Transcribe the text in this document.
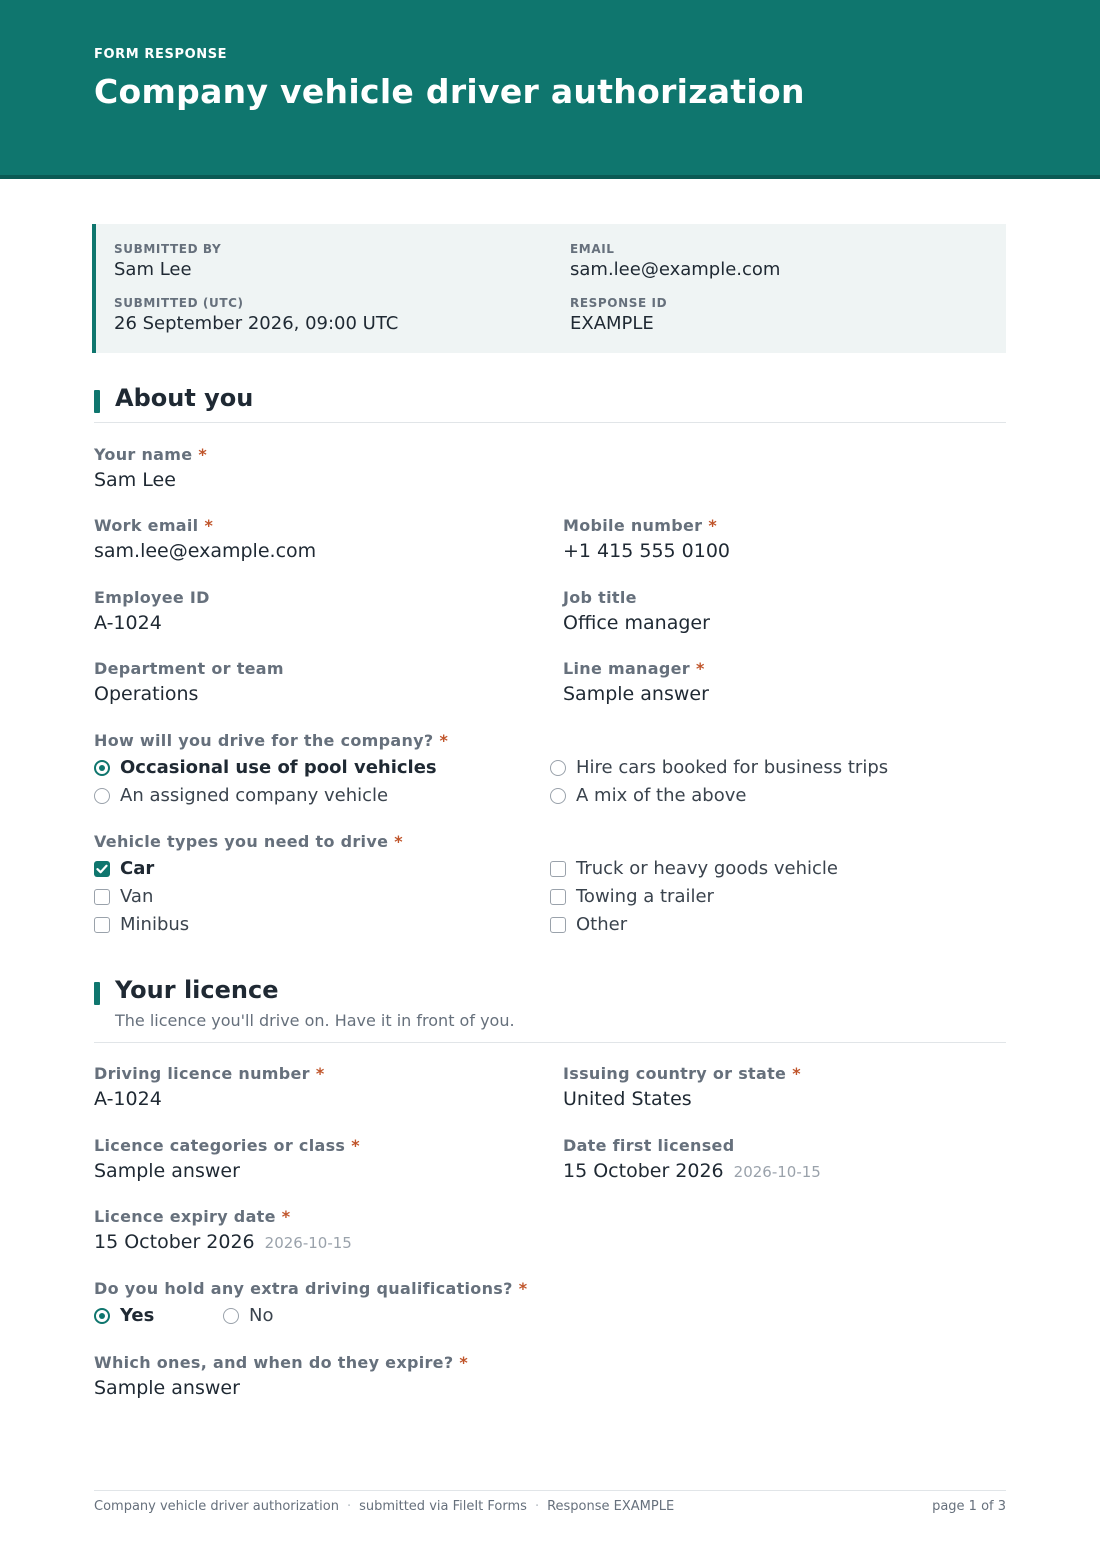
FORM RESPONSE
Company vehicle driver authorization
SUBMITTED BY
Sam Lee
EMAIL
sam.lee@example.com
SUBMITTED (UTC)
26 September 2026, 09:00 UTC
RESPONSE ID
EXAMPLE
About you
Your name *
Sam Lee
Work email *
sam.lee@example.com
Mobile number *
+1 415 555 0100
Employee ID
A-1024
Job title
Office manager
Department or team
Operations
Line manager *
Sample answer
How will you drive for the company? *
Occasional use of pool vehicles
An assigned company vehicle
Hire cars booked for business trips
A mix of the above
Vehicle types you need to drive *
Car
Van
Minibus
Truck or heavy goods vehicle
Towing a trailer
Other
Your licence
The licence you'll drive on. Have it in front of you.
Driving licence number *
A-1024
Issuing country or state *
United States
Licence categories or class *
Sample answer
Date first licensed
15 October 2026 2026-10-15
Licence expiry date *
15 October 2026 2026-10-15
Do you hold any extra driving qualifications? *
Yes	No
Which ones, and when do they expire? *
Sample answer
Company vehicle driver authorization · submitted via FileIt Forms · Response EXAMPLE	page 1 of 3
